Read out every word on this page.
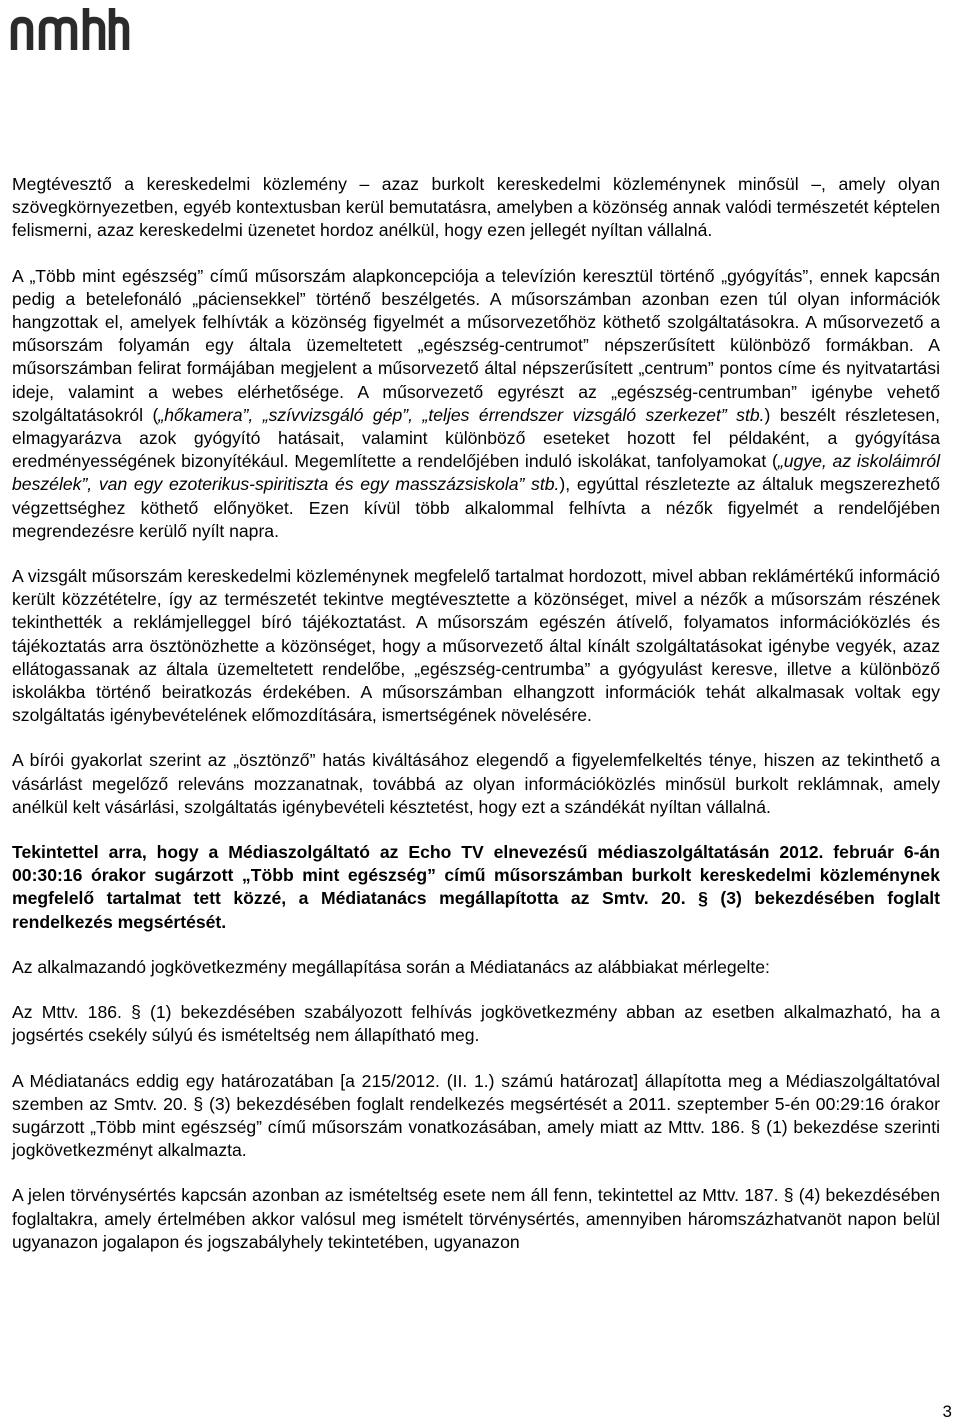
Megtévesztő a kereskedelmi közlemény – azaz burkolt kereskedelmi közleménynek minősül –, amely olyan szövegkörnyezetben, egyéb kontextusban kerül bemutatásra, amelyben a közönség annak valódi természetét képtelen felismerni, azaz kereskedelmi üzenetet hordoz anélkül, hogy ezen jellegét nyíltan vállalná.

A „Több mint egészség” című műsorszám alapkoncepciója a televízión keresztül történő „gyógyítás”, ennek kapcsán pedig a betelefonáló „páciensekkel” történő beszélgetés. A műsorszámban azonban ezen túl olyan információk hangzottak el, amelyek felhívták a közönség figyelmét a műsorvezetőhöz köthető szolgáltatásokra. A műsorvezető a műsorszám folyamán egy általa üzemeltetett „egészség-centrumot” népszerűsített különböző formákban. A műsorszámban felirat formájában megjelent a műsorvezető által népszerűsített „centrum” pontos címe és nyitvatartási ideje, valamint a webes elérhetősége. A műsorvezető egyrészt az „egészség-centrumban” igénybe vehető szolgáltatásokról („hőkamera”, „szívvizsgáló gép”, „teljes érrendszer vizsgáló szerkezet” stb.) beszélt részletesen, elmagyarázva azok gyógyító hatásait, valamint különböző eseteket hozott fel példaként, a gyógyítása eredményességének bizonyítékául. Megemlítette a rendelőjében induló iskolákat, tanfolyamokat („ugye, az iskoláimról beszélek”, van egy ezoterikus-spiritiszta és egy masszázsiskola” stb.), egyúttal részletezte az általuk megszerezhető végzettséghez köthető előnyöket. Ezen kívül több alkalommal felhívta a nézők figyelmét a rendelőjében megrendezésre kerülő nyílt napra.

A vizsgált műsorszám kereskedelmi közleménynek megfelelő tartalmat hordozott, mivel abban reklámértékű információ került közzétételre, így az természetét tekintve megtévesztette a közönséget, mivel a nézők a műsorszám részének tekinthették a reklámjelleggel bíró tájékoztatást. A műsorszám egészén átívelő, folyamatos információközlés és tájékoztatás arra ösztönözhette a közönséget, hogy a műsorvezető által kínált szolgáltatásokat igénybe vegyék, azaz ellátogassanak az általa üzemeltetett rendelőbe, „egészség-centrumba” a gyógyulást keresve, illetve a különböző iskolákba történő beiratkozás érdekében. A műsorszámban elhangzott információk tehát alkalmasak voltak egy szolgáltatás igénybevételének előmozdítására, ismertségének növelésére.

A bírói gyakorlat szerint az „ösztönző” hatás kiváltásához elegendő a figyelemfelkeltés ténye, hiszen az tekinthető a vásárlást megelőző releváns mozzanatnak, továbbá az olyan információközlés minősül burkolt reklámnak, amely anélkül kelt vásárlási, szolgáltatás igénybevételi késztetést, hogy ezt a szándékát nyíltan vállalná.

Tekintettel arra, hogy a Médiaszolgáltató az Echo TV elnevezésű médiaszolgáltatásán 2012. február 6-án 00:30:16 órakor sugárzott „Több mint egészség” című műsorszámban burkolt kereskedelmi közleménynek megfelelő tartalmat tett közzé, a Médiatanács megállapította az Smtv. 20. § (3) bekezdésében foglalt rendelkezés megsértését.

Az alkalmazandó jogkövetkezmény megállapítása során a Médiatanács az alábbiakat mérlegelte:

Az Mttv. 186. § (1) bekezdésében szabályozott felhívás jogkövetkezmény abban az esetben alkalmazható, ha a jogsértés csekély súlyú és ismételtség nem állapítható meg.

A Médiatanács eddig egy határozatában [a 215/2012. (II. 1.) számú határozat] állapította meg a Médiaszolgáltatóval szemben az Smtv. 20. § (3) bekezdésében foglalt rendelkezés megsértését a 2011. szeptember 5-én 00:29:16 órakor sugárzott „Több mint egészség” című műsorszám vonatkozásában, amely miatt az Mttv. 186. § (1) bekezdése szerinti jogkövetkezményt alkalmazta.

A jelen törvénysértés kapcsán azonban az ismételtség esete nem áll fenn, tekintettel az Mttv. 187. § (4) bekezdésében foglaltakra, amely értelmében akkor valósul meg ismételt törvénysértés, amennyiben háromszázhatvanöt napon belül ugyanazon jogalapon és jogszabályhely tekintetében, ugyanazon

3
